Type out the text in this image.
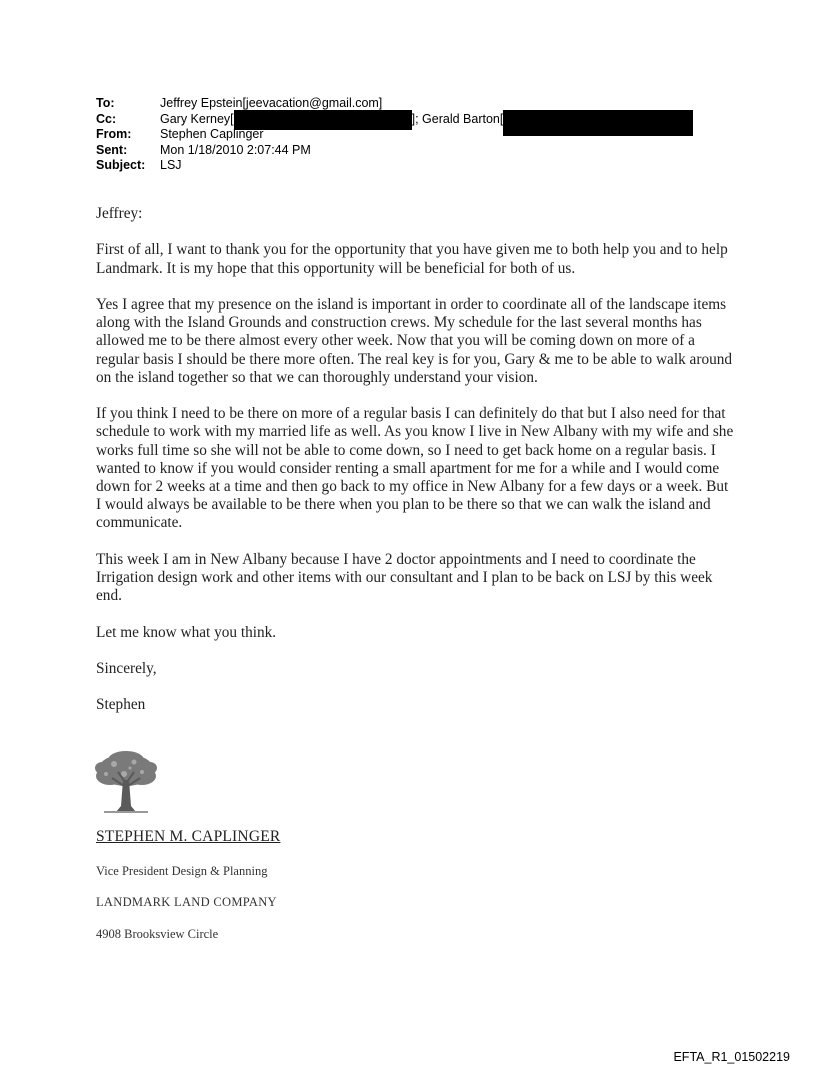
To:	Jeffrey Epstein[jeevacation@gmail.com]
Cc:	Gary Kerney[	]; Gerald Barton[
From: Stephen Caplinger
Sent:	Mon 1/18/2010 2:07:44 PM
Subject: LSJ

Jeffrey:

First of all, I want to thank you for the opportunity that you have given me to both help you and to help Landmark. It is my hope that this opportunity will be beneficial for both of us.

Yes I agree that my presence on the island is important in order to coordinate all of the landscape items along with the Island Grounds and construction crews. My schedule for the last several months has allowed me to be there almost every other week. Now that you will be coming down on more of a regular basis I should be there more often. The real key is for you, Gary & me to be able to walk around on the island together so that we can thoroughly understand your vision.

If you think I need to be there on more of a regular basis I can definitely do that but I also need for that schedule to work with my married life as well. As you know I live in New Albany with my wife and she works full time so she will not be able to come down, so I need to get back home on a regular basis. I wanted to know if you would consider renting a small apartment for me for a while and I would come down for 2 weeks at a time and then go back to my office in New Albany for a few days or a week. But I would always be available to be there when you plan to be there so that we can walk the island and communicate.

This week I am in New Albany because I have 2 doctor appointments and I need to coordinate the Irrigation design work and other items with our consultant and I plan to be back on LSJ by this week end.

Let me know what you think.

Sincerely,

Stephen

STEPHEN M. CAPLINGER
Vice President Design & Planning
LANDMARK LAND COMPANY
4908 Brooksview Circle
EFTA_R1_01502219
